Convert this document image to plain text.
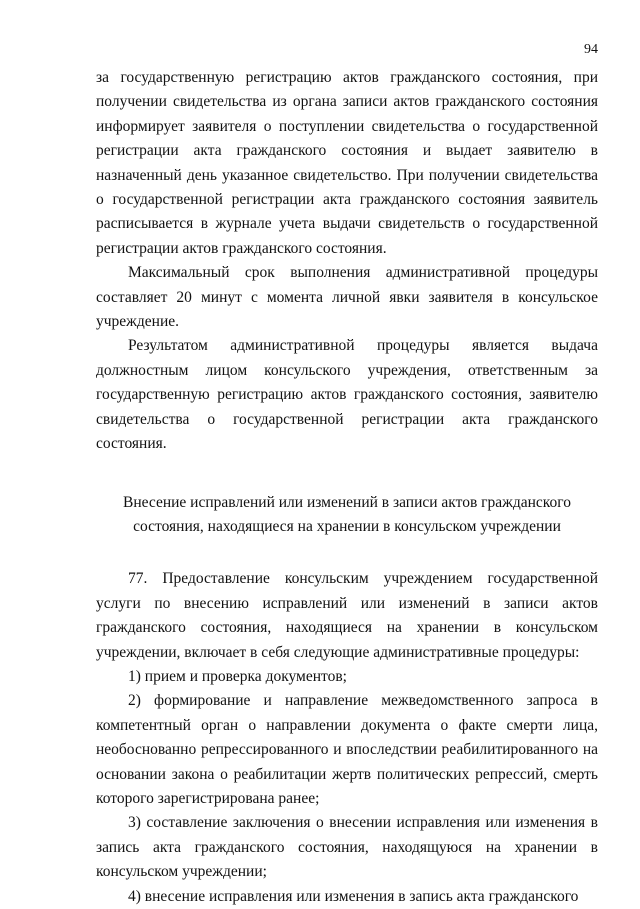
94

за государственную регистрацию актов гражданского состояния, при получении свидетельства из органа записи актов гражданского состояния информирует заявителя о поступлении свидетельства о государственной регистрации акта гражданского состояния и выдает заявителю в назначенный день указанное свидетельство. При получении свидетельства о государственной регистрации акта гражданского состояния заявитель расписывается в журнале учета выдачи свидетельств о государственной регистрации актов гражданского состояния.

Максимальный срок выполнения административной процедуры составляет 20 минут с момента личной явки заявителя в консульское учреждение.

Результатом административной процедуры является выдача должностным лицом консульского учреждения, ответственным за государственную регистрацию актов гражданского состояния, заявителю свидетельства о государственной регистрации акта гражданского состояния.

Внесение исправлений или изменений в записи актов гражданского
состояния, находящиеся на хранении в консульском учреждении

77. Предоставление консульским учреждением государственной услуги по внесению исправлений или изменений в записи актов гражданского состояния, находящиеся на хранении в консульском учреждении, включает в себя следующие административные процедуры:

1) прием и проверка документов;

2) формирование и направление межведомственного запроса в компетентный орган о направлении документа о факте смерти лица, необоснованно репрессированного и впоследствии реабилитированного на основании закона о реабилитации жертв политических репрессий, смерть которого зарегистрирована ранее;

3) составление заключения о внесении исправления или изменения в запись акта гражданского состояния, находящуюся на хранении в консульском учреждении;

4) внесение исправления или изменения в запись акта гражданского
